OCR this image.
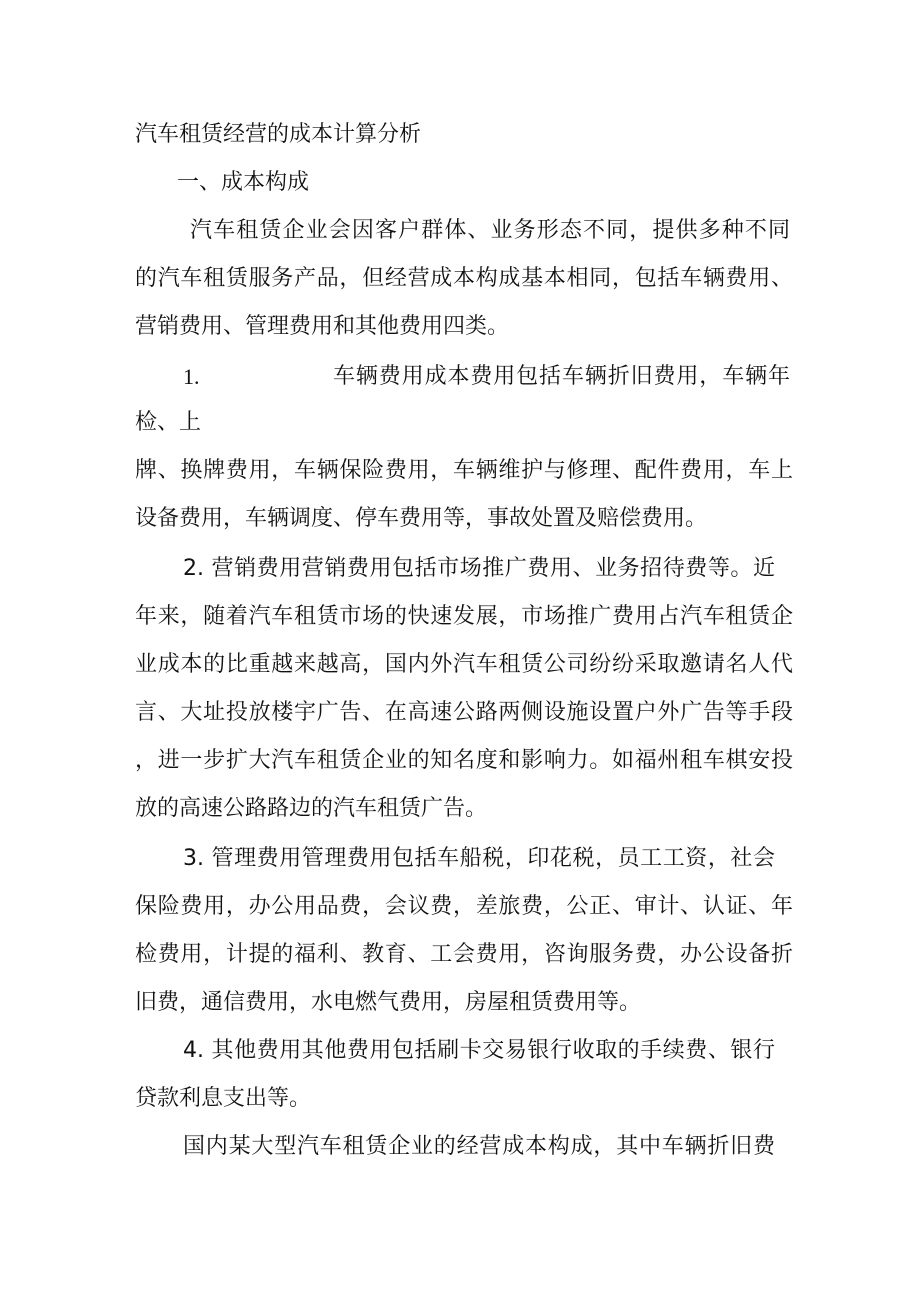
汽车租赁经营的成本计算分析
一、成本构成
汽车租赁企业会因客户群体、业务形态不同，提供多种不同
的汽车租赁服务产品，但经营成本构成基本相同，包括车辆费用、
营销费用、管理费用和其他费用四类。
1.	车辆费用成本费用包括车辆折旧费用，车辆年
检、上
牌、换牌费用，车辆保险费用，车辆维护与修理、配件费用，车上
设备费用，车辆调度、停车费用等，事故处置及赔偿费用。
2. 营销费用营销费用包括市场推广费用、业务招待费等。近
年来，随着汽车租赁市场的快速发展，市场推广费用占汽车租赁企
业成本的比重越来越高，国内外汽车租赁公司纷纷采取邀请名人代
言、大址投放楼宇广告、在高速公路两侧设施设置户外广告等手段
，进一步扩大汽车租赁企业的知名度和影响力。如福州租车棋安投
放的高速公路路边的汽车租赁广告。
3. 管理费用管理费用包括车船税，印花税，员工工资，社会
保险费用，办公用品费，会议费，差旅费，公正、审计、认证、年
检费用，计提的福利、教育、工会费用，咨询服务费，办公设备折
旧费，通信费用，水电燃气费用，房屋租赁费用等。
4. 其他费用其他费用包括刷卡交易银行收取的手续费、银行
贷款利息支出等。
国内某大型汽车租赁企业的经营成本构成，其中车辆折旧费
